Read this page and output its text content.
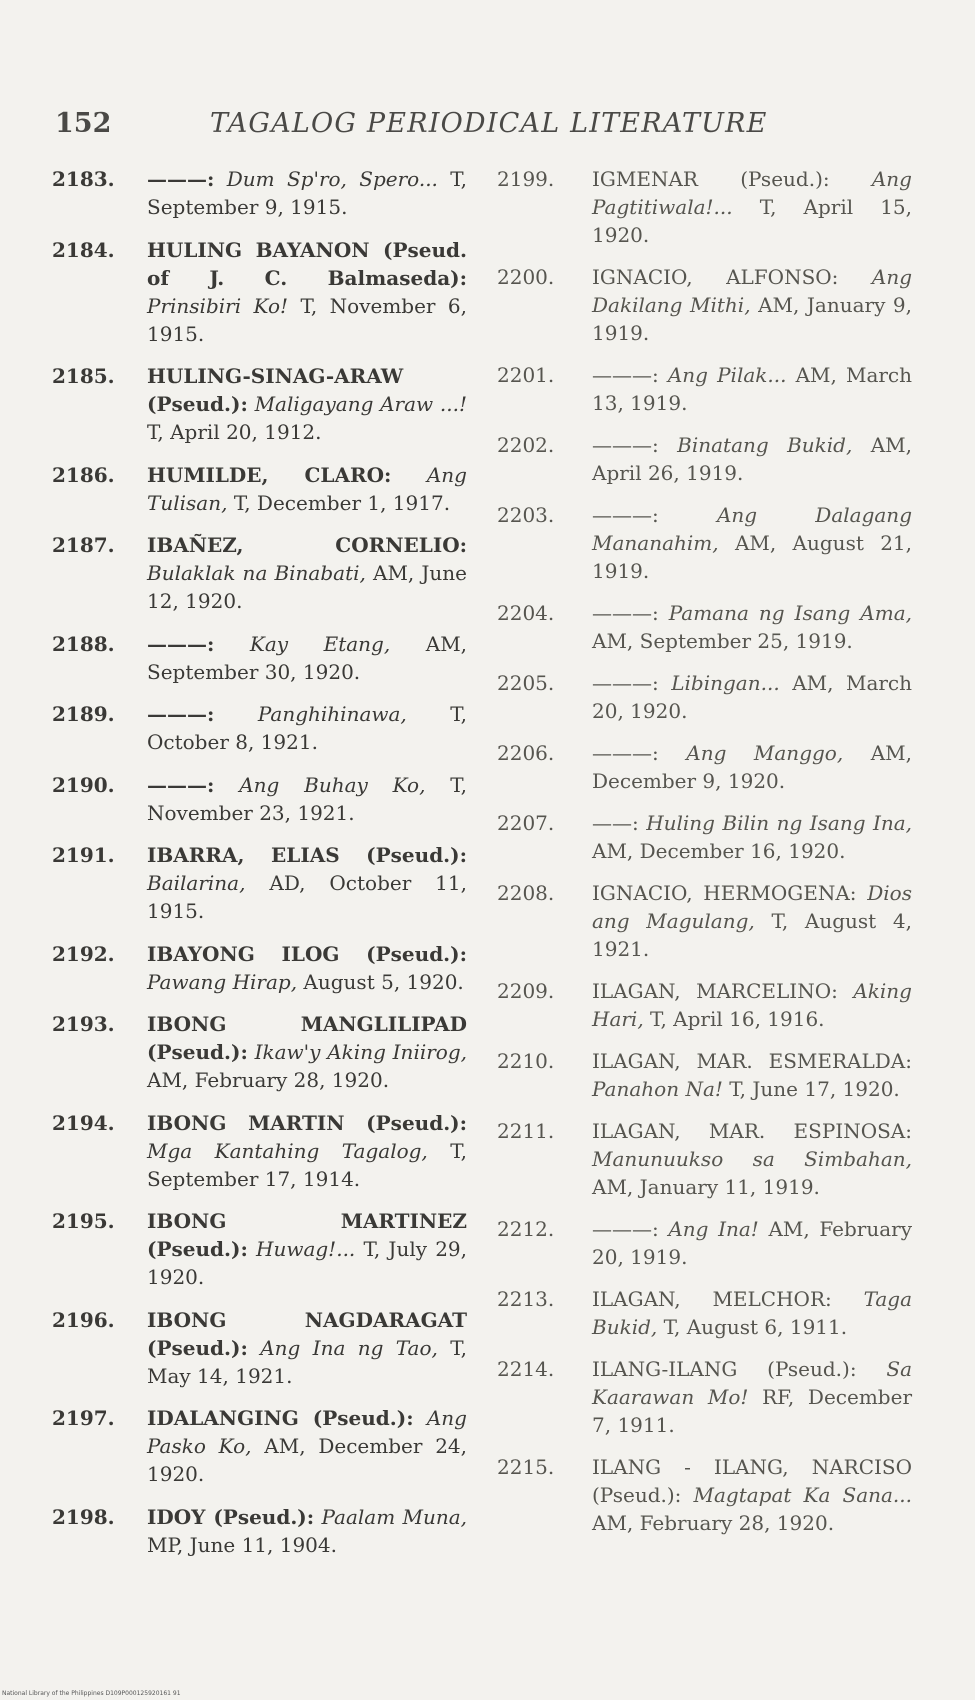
152	TAGALOG PERIODICAL LITERATURE
2183. ———: Dum Sp'ro, Spero... T, September 9, 1915.
2184. HULING BAYANON (Pseud. of J. C. Balmaseda): Prinsibiri Ko! T, November 6, 1915.
2185. HULING-SINAG-ARAW (Pseud.): Maligayang Araw ...! T, April 20, 1912.
2186. HUMILDE, CLARO: Ang Tulisan, T, December 1, 1917.
2187. IBAÑEZ, CORNELIO: Bulaklak na Binabati, AM, June 12, 1920.
2188. ———: Kay Etang, AM, September 30, 1920.
2189. ———: Panghihinawa, T, October 8, 1921.
2190. ———: Ang Buhay Ko, T, November 23, 1921.
2191. IBARRA, ELIAS (Pseud.): Bailarina, AD, October 11, 1915.
2192. IBAYONG ILOG (Pseud.): Pawang Hirap, August 5, 1920.
2193. IBONG MANGLILIPAD (Pseud.): Ikaw'y Aking Iniirog, AM, February 28, 1920.
2194. IBONG MARTIN (Pseud.): Mga Kantahing Tagalog, T, September 17, 1914.
2195. IBONG MARTINEZ (Pseud.): Huwag!... T, July 29, 1920.
2196. IBONG NAGDARAGAT (Pseud.): Ang Ina ng Tao, T, May 14, 1921.
2197. IDALANGING (Pseud.): Ang Pasko Ko, AM, December 24, 1920.
2198. IDOY (Pseud.): Paalam Muna, MP, June 11, 1904.
2199. IGMENAR (Pseud.): Ang Pagtitiwala!... T, April 15, 1920.
2200. IGNACIO, ALFONSO: Ang Dakilang Mithi, AM, January 9, 1919.
2201. ———: Ang Pilak... AM, March 13, 1919.
2202. ———: Binatang Bukid, AM, April 26, 1919.
2203. ———:	Ang Dalagang Mananahim, AM, August 21, 1919.
2204. ———: Pamana ng Isang Ama, AM, September 25, 1919.
2205. ———: Libingan... AM, March 20, 1920.
2206. ———: Ang Manggo, AM, December 9, 1920.
2207. ——: Huling Bilin ng Isang Ina, AM, December 16, 1920.
2208. IGNACIO, HERMOGENA: Dios ang Magulang, T, August 4, 1921.
2209. ILAGAN, MARCELINO: Aking Hari, T, April 16, 1916.
2210. ILAGAN, MAR. ESMERALDA: Panahon Na! T, June 17, 1920.
2211. ILAGAN, MAR. ESPINOSA: Manunuukso sa Simbahan, AM, January 11, 1919.
2212. ———: Ang Ina! AM, February 20, 1919.
2213. ILAGAN, MELCHOR: Taga Bukid, T, August 6, 1911.
2214. ILANG-ILANG (Pseud.): Sa Kaarawan Mo! RF, December 7, 1911.
2215. ILANG - ILANG, NARCISO (Pseud.): Magtapat Ka Sana... AM, February 28, 1920.
National Library of the Philippines D109P000125920161 91
